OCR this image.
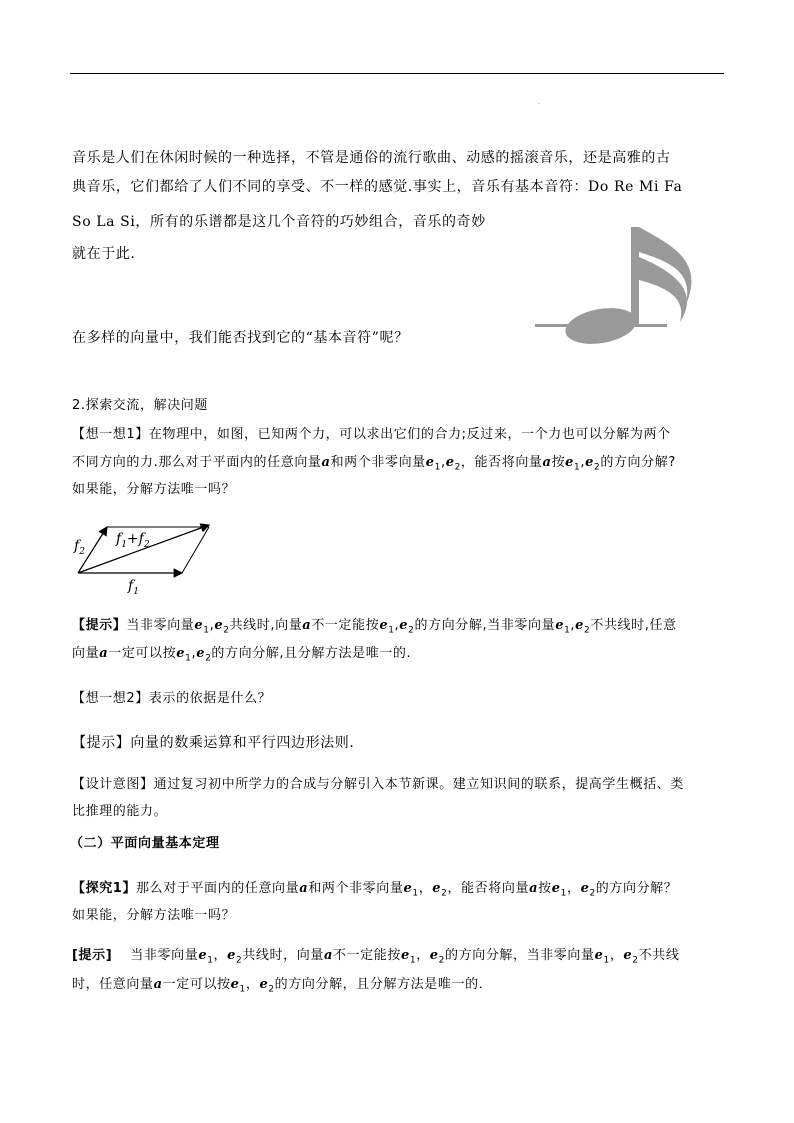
.
音乐是人们在休闲时候的一种选择，不管是通俗的流行歌曲、动感的摇滚音乐，还是高雅的古
典音乐，它们都给了人们不同的享受、不一样的感觉.事实上，音乐有基本音符：Do Re Mi Fa
So La Si，所有的乐谱都是这几个音符的巧妙组合，音乐的奇妙
就在于此.
在多样的向量中，我们能否找到它的“基本音符”呢？
2.探索交流，解决问题
【想一想1】在物理中，如图，已知两个力，可以求出它们的合力;反过来，一个力也可以分解为两个
不同方向的力.那么对于平面内的任意向量a和两个非零向量$e_1,e_2$，能否将向量a按$e_1,e_2$的方向分解?
如果能，分解方法唯一吗？
$f_2$
$f_1+f_2$
$f_1$
【提示】当非零向量$e_1,e_2$共线时,向量a不一定能按$e_1,e_2$的方向分解,当非零向量$e_1,e_2$不共线时,任意
向量a一定可以按$e_1,e_2$的方向分解,且分解方法是唯一的.
【想一想2】表示的依据是什么？
【提示】向量的数乘运算和平行四边形法则.
【设计意图】通过复习初中所学力的合成与分解引入本节新课。建立知识间的联系，提高学生概括、类
比推理的能力。
（二）平面向量基本定理
【探究1】那么对于平面内的任意向量a和两个非零向量$e_1$，$e_2$，能否将向量a按$e_1$，$e_2$的方向分解？
如果能，分解方法唯一吗？
[提示] 当非零向量$e_1$，$e_2$共线时，向量a不一定能按$e_1$，$e_2$的方向分解，当非零向量$e_1$，$e_2$不共线
时，任意向量a一定可以按$e_1$，$e_2$的方向分解，且分解方法是唯一的．
